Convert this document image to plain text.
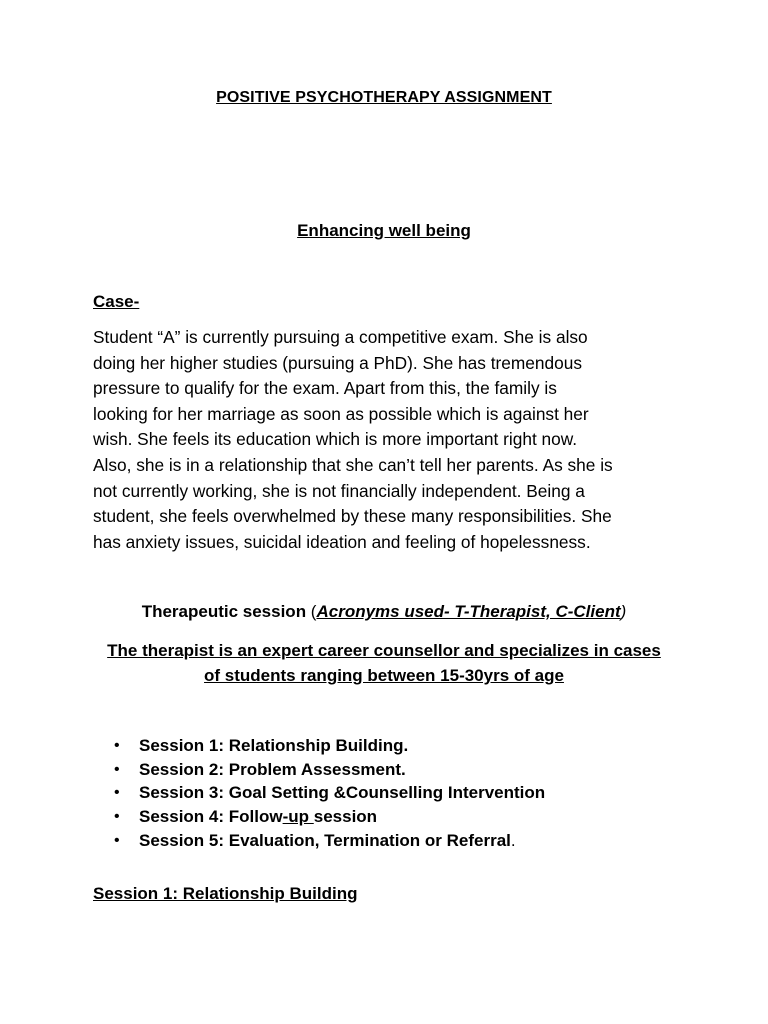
POSITIVE PSYCHOTHERAPY ASSIGNMENT
Enhancing well being
Case-
Student “A” is currently pursuing a competitive exam. She is also
doing her higher studies (pursuing a PhD). She has tremendous
pressure to qualify for the exam. Apart from this, the family is
looking for her marriage as soon as possible which is against her
wish. She feels its education which is more important right now.
Also, she is in a relationship that she can’t tell her parents. As she is
not currently working, she is not financially independent. Being a
student, she feels overwhelmed by these many responsibilities. She
has anxiety issues, suicidal ideation and feeling of hopelessness.
Therapeutic session (Acronyms used- T-Therapist, C-Client)
The therapist is an expert career counsellor and specializes in cases
of students ranging between 15-30yrs of age
• Session 1: Relationship Building.
• Session 2: Problem Assessment.
• Session 3: Goal Setting &Counselling Intervention
• Session 4: Follow-up session
• Session 5: Evaluation, Termination or Referral.
Session 1: Relationship Building
